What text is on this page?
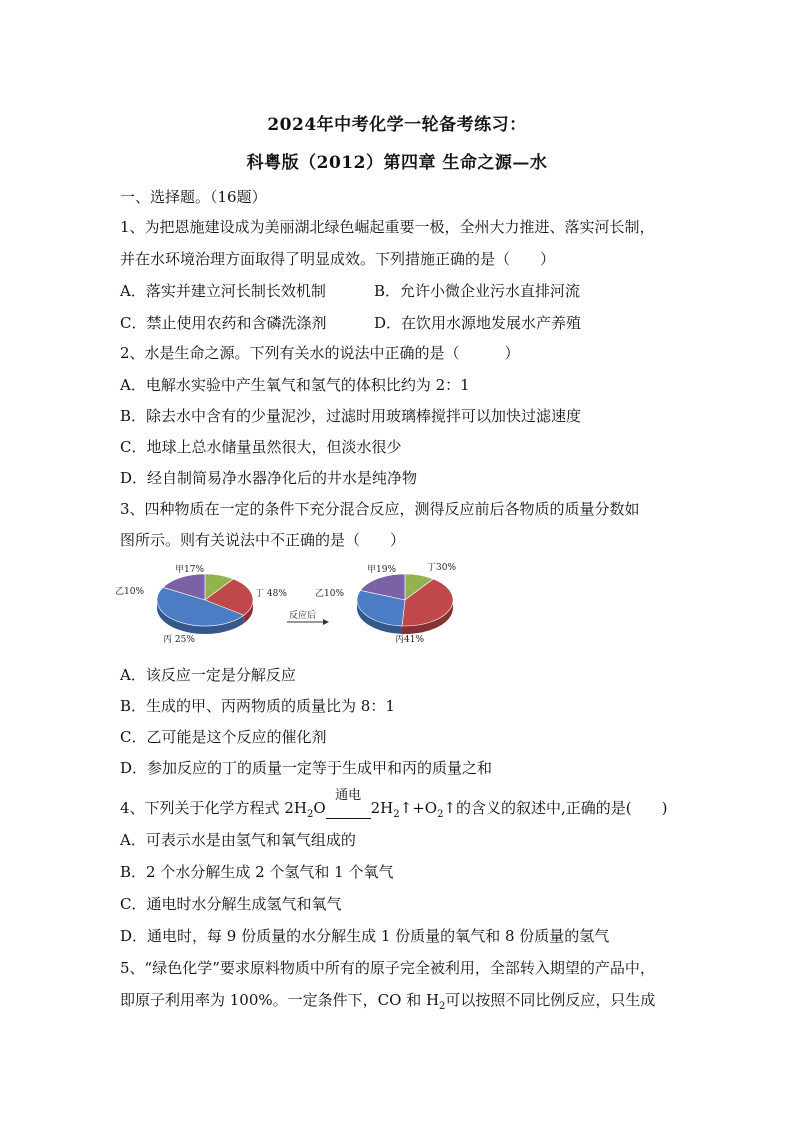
2024年中考化学一轮备考练习：
科粤版（2012）第四章 生命之源—水
一、选择题。（16题）
1、为把恩施建设成为美丽湖北绿色崛起重要一极，全州大力推进、落实河长制，
并在水环境治理方面取得了明显成效。下列措施正确的是（　　）
A．落实并建立河长制长效机制	B．允许小微企业污水直排河流
C．禁止使用农药和含磷洗涤剂	D．在饮用水源地发展水产养殖
2、水是生命之源。下列有关水的说法中正确的是（　　　）
A．电解水实验中产生氧气和氢气的体积比约为 2：1
B．除去水中含有的少量泥沙，过滤时用玻璃棒搅拌可以加快过滤速度
C．地球上总水储量虽然很大，但淡水很少
D．经自制简易净水器净化后的井水是纯净物
3、四种物质在一定的条件下充分混合反应，测得反应前后各物质的质量分数如
图所示。则有关说法中不正确的是（　　）
甲17%
乙10%
丙 25%
丁 48%
甲19%
乙10%
丙41%
丁30%
反应后
A．该反应一定是分解反应
B．生成的甲、丙两物质的质量比为 8：1
C．乙可能是这个反应的催化剂
D．参加反应的丁的质量一定等于生成甲和丙的质量之和
4、下列关于化学方程式 $2H_2O$
通电
　　　$2H_2↑+O_2↑$的含义的叙述中,正确的是(　　)
A．可表示水是由氢气和氧气组成的
B．2 个水分解生成 2 个氢气和 1 个氧气
C．通电时水分解生成氢气和氧气
D．通电时，每 9 份质量的水分解生成 1 份质量的氧气和 8 份质量的氢气
5、“绿色化学”要求原料物质中所有的原子完全被利用，全部转入期望的产品中，
即原子利用率为 100%。一定条件下，CO 和 $H_2$可以按照不同比例反应，只生成
